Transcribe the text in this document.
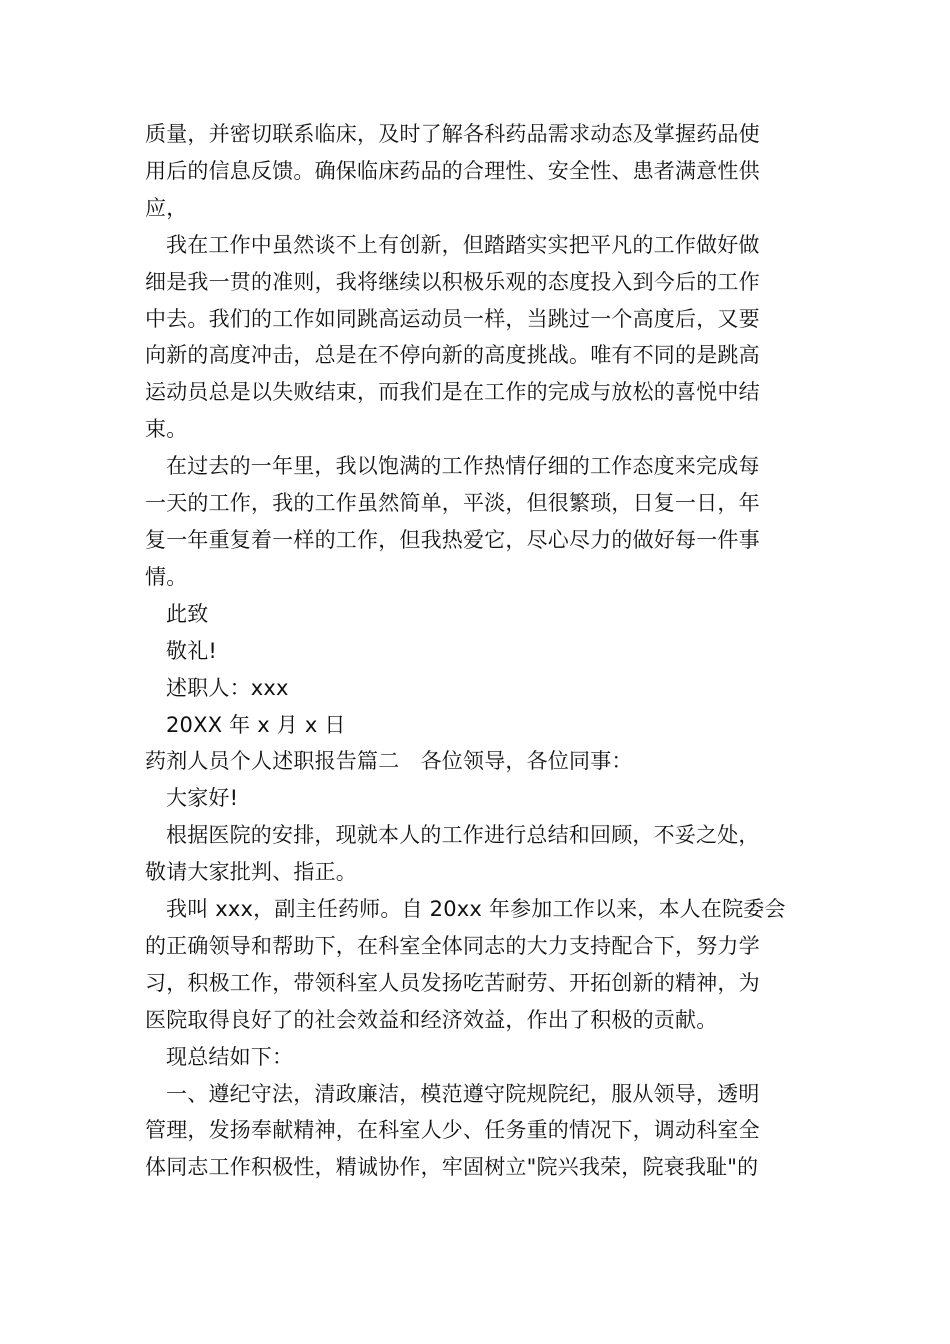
质量，并密切联系临床，及时了解各科药品需求动态及掌握药品使
用后的信息反馈。确保临床药品的合理性、安全性、患者满意性供
应，
我在工作中虽然谈不上有创新，但踏踏实实把平凡的工作做好做
细是我一贯的准则，我将继续以积极乐观的态度投入到今后的工作
中去。我们的工作如同跳高运动员一样，当跳过一个高度后，又要
向新的高度冲击，总是在不停向新的高度挑战。唯有不同的是跳高
运动员总是以失败结束，而我们是在工作的完成与放松的喜悦中结
束。
在过去的一年里，我以饱满的工作热情仔细的工作态度来完成每
一天的工作，我的工作虽然简单，平淡，但很繁琐，日复一日，年
复一年重复着一样的工作，但我热爱它，尽心尽力的做好每一件事
情。
此致
敬礼!
述职人：xxx
20XX 年 x 月 x 日
药剂人员个人述职报告篇二　各位领导，各位同事：
大家好!
根据医院的安排，现就本人的工作进行总结和回顾，不妥之处，
敬请大家批判、指正。
我叫 xxx，副主任药师。自 20xx 年参加工作以来，本人在院委会
的正确领导和帮助下，在科室全体同志的大力支持配合下，努力学
习，积极工作，带领科室人员发扬吃苦耐劳、开拓创新的精神，为
医院取得良好了的社会效益和经济效益，作出了积极的贡献。
现总结如下：
一、遵纪守法，清政廉洁，模范遵守院规院纪，服从领导，透明
管理，发扬奉献精神，在科室人少、任务重的情况下，调动科室全
体同志工作积极性，精诚协作，牢固树立"院兴我荣，院衰我耻"的
